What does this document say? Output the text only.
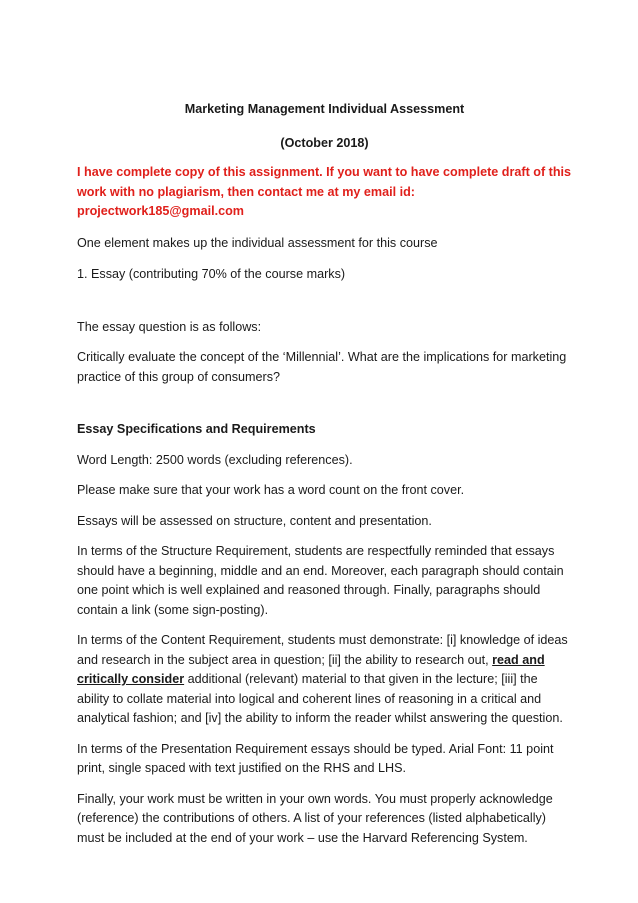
Marketing Management Individual Assessment

(October 2018)

I have complete copy of this assignment. If you want to have complete draft of this work with no plagiarism, then contact me at my email id: projectwork185@gmail.com

One element makes up the individual assessment for this course

1. Essay (contributing 70% of the course marks)

The essay question is as follows:

Critically evaluate the concept of the ‘Millennial’. What are the implications for marketing practice of this group of consumers?

Essay Specifications and Requirements

Word Length: 2500 words (excluding references).

Please make sure that your work has a word count on the front cover.

Essays will be assessed on structure, content and presentation.

In terms of the Structure Requirement, students are respectfully reminded that essays should have a beginning, middle and an end. Moreover, each paragraph should contain one point which is well explained and reasoned through. Finally, paragraphs should contain a link (some sign-posting).

In terms of the Content Requirement, students must demonstrate: [i] knowledge of ideas and research in the subject area in question; [ii] the ability to research out, read and critically consider additional (relevant) material to that given in the lecture; [iii] the ability to collate material into logical and coherent lines of reasoning in a critical and analytical fashion; and [iv] the ability to inform the reader whilst answering the question.

In terms of the Presentation Requirement essays should be typed. Arial Font: 11 point print, single spaced with text justified on the RHS and LHS.

Finally, your work must be written in your own words. You must properly acknowledge (reference) the contributions of others. A list of your references (listed alphabetically) must be included at the end of your work – use the Harvard Referencing System.
